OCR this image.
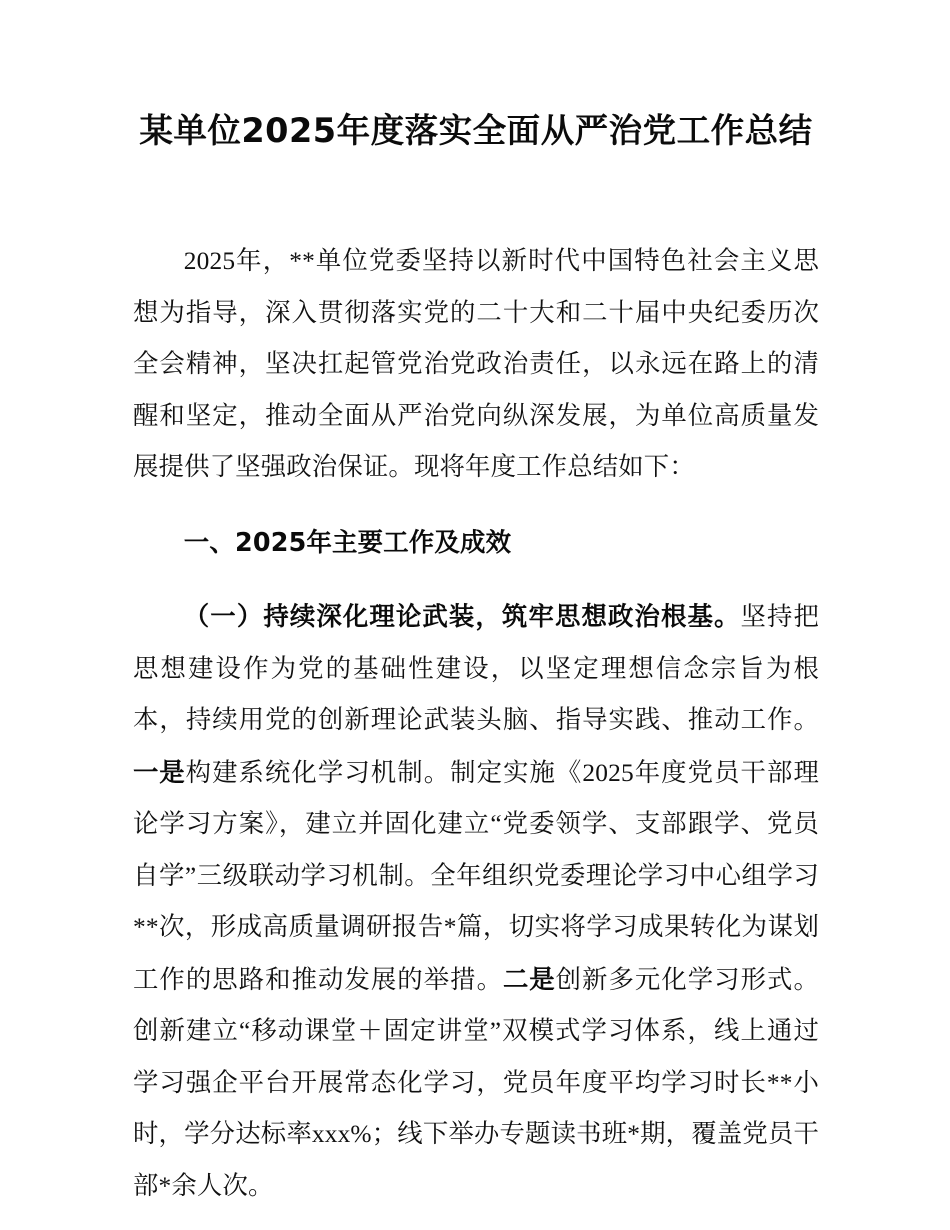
某单位2025年度落实全面从严治党工作总结

2025年，**单位党委坚持以新时代中国特色社会主义思想为指导，深入贯彻落实党的二十大和二十届中央纪委历次全会精神，坚决扛起管党治党政治责任，以永远在路上的清醒和坚定，推动全面从严治党向纵深发展，为单位高质量发展提供了坚强政治保证。现将年度工作总结如下：

一、2025年主要工作及成效

（一）持续深化理论武装，筑牢思想政治根基。坚持把思想建设作为党的基础性建设，以坚定理想信念宗旨为根本，持续用党的创新理论武装头脑、指导实践、推动工作。一是构建系统化学习机制。制定实施《2025年度党员干部理论学习方案》，建立并固化建立“党委领学、支部跟学、党员自学”三级联动学习机制。全年组织党委理论学习中心组学习**次，形成高质量调研报告*篇，切实将学习成果转化为谋划工作的思路和推动发展的举措。二是创新多元化学习形式。创新建立“移动课堂＋固定讲堂”双模式学习体系，线上通过学习强企平台开展常态化学习，党员年度平均学习时长**小时，学分达标率xxx%；线下举办专题读书班*期，覆盖党员干部*余人次。
